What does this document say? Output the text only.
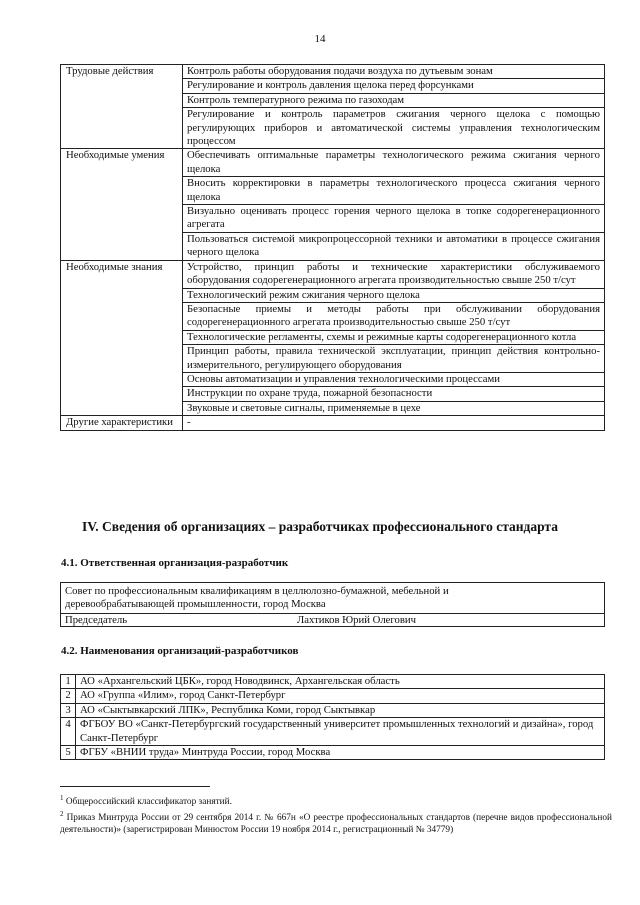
14
Трудовые действия	Контроль работы оборудования подачи воздуха по дутьевым зонам
	Регулирование и контроль давления щелока перед форсунками
	Контроль температурного режима по газоходам
	Регулирование и контроль параметров сжигания черного щелока с помощью регулирующих приборов и автоматической системы управления технологическим процессом
Необходимые умения	Обеспечивать оптимальные параметры технологического режима сжигания черного щелока
	Вносить корректировки в параметры технологического процесса сжигания черного щелока
	Визуально оценивать процесс горения черного щелока в топке содорегенерационного агрегата
	Пользоваться системой микропроцессорной техники и автоматики в процессе сжигания черного щелока
Необходимые знания	Устройство, принцип работы и технические характеристики обслуживаемого оборудования содорегенерационного агрегата производительностью свыше 250 т/сут
	Технологический режим сжигания черного щелока
	Безопасные приемы и методы работы при обслуживании оборудования содорегенерационного агрегата производительностью свыше 250 т/сут
	Технологические регламенты, схемы и режимные карты содорегенерационного котла
	Принцип работы, правила технической эксплуатации, принцип действия контрольно-измерительного, регулирующего оборудования
	Основы автоматизации и управления технологическими процессами
	Инструкции по охране труда, пожарной безопасности
	Звуковые и световые сигналы, применяемые в цехе
Другие характеристики	-
IV. Сведения об организациях – разработчиках профессионального стандарта
4.1. Ответственная организация-разработчик
Совет по профессиональным квалификациям в целлюлозно-бумажной, мебельной и деревообрабатывающей промышленности, город Москва
Председатель	Лахтиков Юрий Олегович
4.2. Наименования организаций-разработчиков
1	АО «Архангельский ЦБК», город Новодвинск, Архангельская область
2	АО «Группа «Илим», город Санкт-Петербург
3	АО «Сыктывкарский ЛПК», Республика Коми, город Сыктывкар
4	ФГБОУ ВО «Санкт-Петербургский государственный университет промышленных технологий и дизайна», город Санкт-Петербург
5	ФГБУ «ВНИИ труда» Минтруда России, город Москва
$^1$ Общероссийский классификатор занятий.
$^2$ Приказ Минтруда России от 29 сентября 2014 г. № 667н «О реестре профессиональных стандартов (перечне видов профессиональной деятельности)» (зарегистрирован Минюстом России 19 ноября 2014 г., регистрационный № 34779)
